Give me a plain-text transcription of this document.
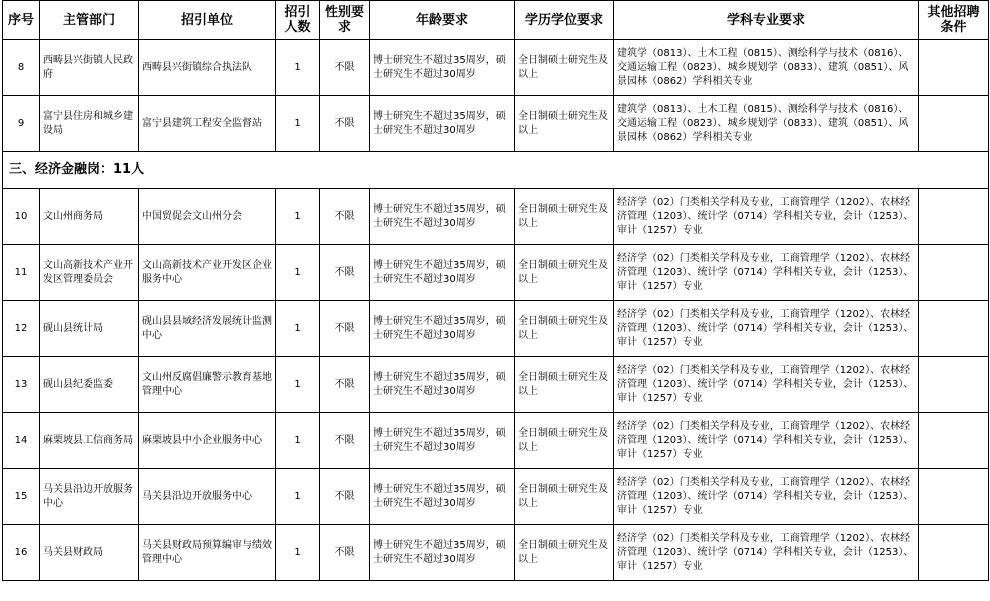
序号	主管部门	招引单位	招引人数	性别要求	年龄要求	学历学位要求	学科专业要求	其他招聘条件
8	西畴县兴街镇人民政府	西畴县兴街镇综合执法队	1	不限	博士研究生不超过35周岁，硕士研究生不超过30周岁	全日制硕士研究生及以上	建筑学（0813）、土木工程（0815）、测绘科学与技术（0816）、交通运输工程（0823）、城乡规划学（0833）、建筑（0851）、风景园林（0862）学科相关专业	
9	富宁县住房和城乡建设局	富宁县建筑工程安全监督站	1	不限	博士研究生不超过35周岁，硕士研究生不超过30周岁	全日制硕士研究生及以上	建筑学（0813）、土木工程（0815）、测绘科学与技术（0816）、交通运输工程（0823）、城乡规划学（0833）、建筑（0851）、风景园林（0862）学科相关专业	
三、经济金融岗：11人								
10	文山州商务局	中国贸促会文山州分会	1	不限	博士研究生不超过35周岁，硕士研究生不超过30周岁	全日制硕士研究生及以上	经济学（02）门类相关学科及专业，工商管理学（1202）、农林经济管理（1203）、统计学（0714）学科相关专业，会计（1253）、审计（1257）专业	
11	文山高新技术产业开发区管理委员会	文山高新技术产业开发区企业服务中心	1	不限	博士研究生不超过35周岁，硕士研究生不超过30周岁	全日制硕士研究生及以上	经济学（02）门类相关学科及专业，工商管理学（1202）、农林经济管理（1203）、统计学（0714）学科相关专业，会计（1253）、审计（1257）专业	
12	砚山县统计局	砚山县县域经济发展统计监测中心	1	不限	博士研究生不超过35周岁，硕士研究生不超过30周岁	全日制硕士研究生及以上	经济学（02）门类相关学科及专业，工商管理学（1202）、农林经济管理（1203）、统计学（0714）学科相关专业，会计（1253）、审计（1257）专业	
13	砚山县纪委监委	文山州反腐倡廉警示教育基地管理中心	1	不限	博士研究生不超过35周岁，硕士研究生不超过30周岁	全日制硕士研究生及以上	经济学（02）门类相关学科及专业，工商管理学（1202）、农林经济管理（1203）、统计学（0714）学科相关专业，会计（1253）、审计（1257）专业	
14	麻栗坡县工信商务局	麻栗坡县中小企业服务中心	1	不限	博士研究生不超过35周岁，硕士研究生不超过30周岁	全日制硕士研究生及以上	经济学（02）门类相关学科及专业，工商管理学（1202）、农林经济管理（1203）、统计学（0714）学科相关专业，会计（1253）、审计（1257）专业	
15	马关县沿边开放服务中心	马关县沿边开放服务中心	1	不限	博士研究生不超过35周岁，硕士研究生不超过30周岁	全日制硕士研究生及以上	经济学（02）门类相关学科及专业，工商管理学（1202）、农林经济管理（1203）、统计学（0714）学科相关专业，会计（1253）、审计（1257）专业	
16	马关县财政局	马关县财政局预算编审与绩效管理中心	1	不限	博士研究生不超过35周岁，硕士研究生不超过30周岁	全日制硕士研究生及以上	经济学（02）门类相关学科及专业，工商管理学（1202）、农林经济管理（1203）、统计学（0714）学科相关专业，会计（1253）、审计（1257）专业	
